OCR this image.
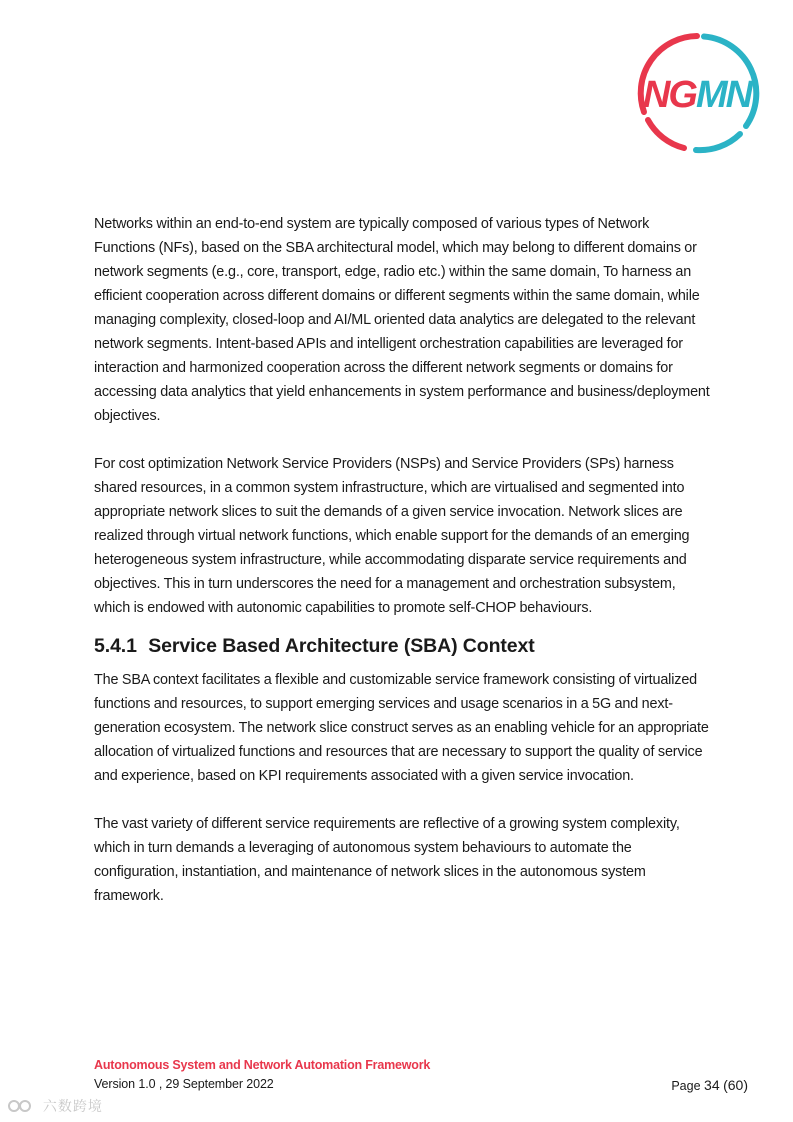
NGMN

Networks within an end-to-end system are typically composed of various types of Network Functions (NFs), based on the SBA architectural model, which may belong to different domains or network segments (e.g., core, transport, edge, radio etc.) within the same domain, To harness an efficient cooperation across different domains or different segments within the same domain, while managing complexity, closed-loop and AI/ML oriented data analytics are delegated to the relevant network segments. Intent-based APIs and intelligent orchestration capabilities are leveraged for interaction and harmonized cooperation across the different network segments or domains for accessing data analytics that yield enhancements in system performance and business/deployment objectives.

For cost optimization Network Service Providers (NSPs) and Service Providers (SPs) harness shared resources, in a common system infrastructure, which are virtualised and segmented into appropriate network slices to suit the demands of a given service invocation. Network slices are realized through virtual network functions, which enable support for the demands of an emerging heterogeneous system infrastructure, while accommodating disparate service requirements and objectives. This in turn underscores the need for a management and orchestration subsystem, which is endowed with autonomic capabilities to promote self-CHOP behaviours.

5.4.1 Service Based Architecture (SBA) Context

The SBA context facilitates a flexible and customizable service framework consisting of virtualized functions and resources, to support emerging services and usage scenarios in a 5G and next-generation ecosystem. The network slice construct serves as an enabling vehicle for an appropriate allocation of virtualized functions and resources that are necessary to support the quality of service and experience, based on KPI requirements associated with a given service invocation.

The vast variety of different service requirements are reflective of a growing system complexity, which in turn demands a leveraging of autonomous system behaviours to automate the configuration, instantiation, and maintenance of network slices in the autonomous system framework.

Autonomous System and Network Automation Framework
Version 1.0 , 29 September 2022	Page 34 (60)
六数跨境
